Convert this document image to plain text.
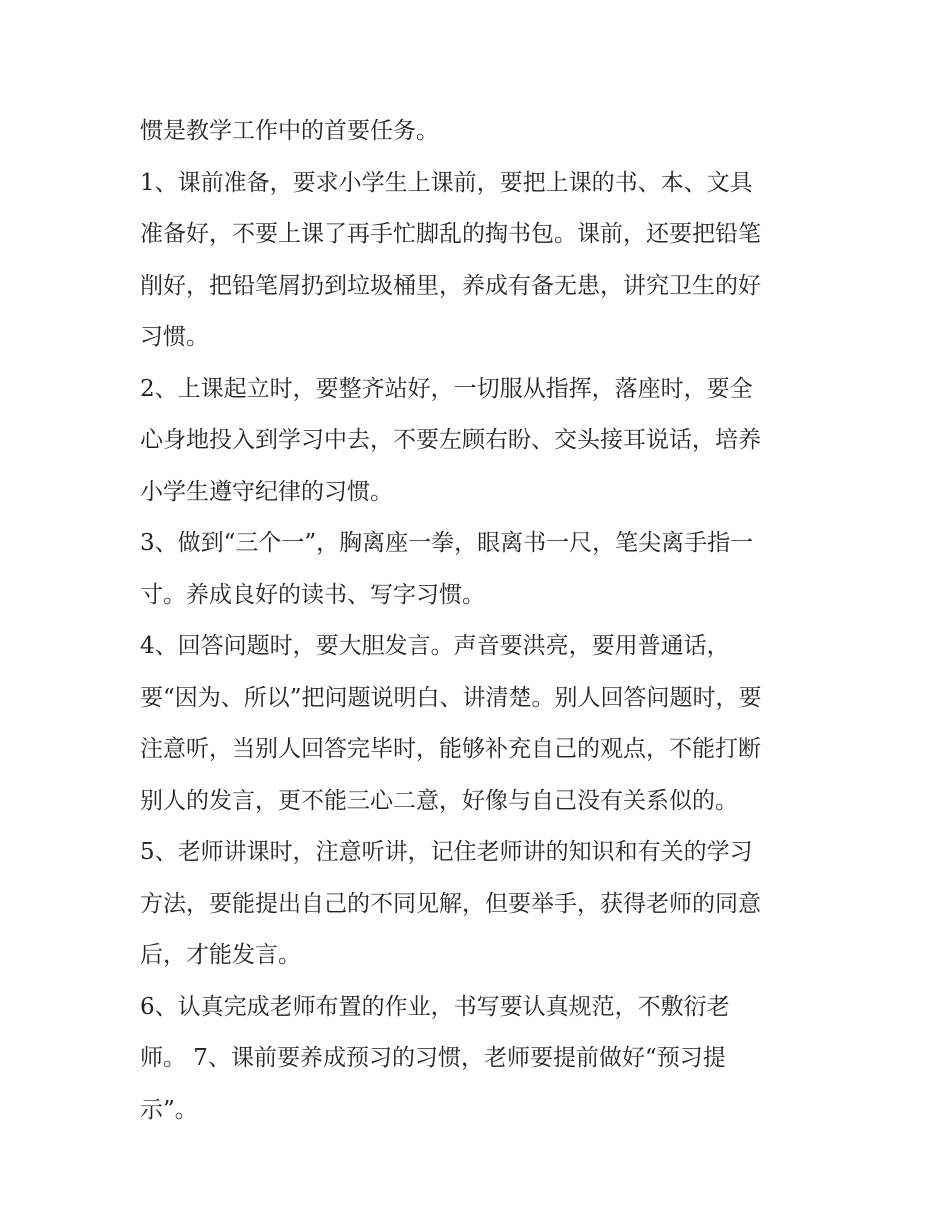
惯是教学工作中的首要任务。
1、课前准备，要求小学生上课前，要把上课的书、本、文具
准备好，不要上课了再手忙脚乱的掏书包。课前，还要把铅笔
削好，把铅笔屑扔到垃圾桶里，养成有备无患，讲究卫生的好
习惯。
2、上课起立时，要整齐站好，一切服从指挥，落座时，要全
心身地投入到学习中去，不要左顾右盼、交头接耳说话，培养
小学生遵守纪律的习惯。
3、做到“三个一”，胸离座一拳，眼离书一尺，笔尖离手指一
寸。养成良好的读书、写字习惯。
4、回答问题时，要大胆发言。声音要洪亮，要用普通话，
要“因为、所以”把问题说明白、讲清楚。别人回答问题时，要
注意听，当别人回答完毕时，能够补充自己的观点，不能打断
别人的发言，更不能三心二意，好像与自己没有关系似的。
5、老师讲课时，注意听讲，记住老师讲的知识和有关的学习
方法，要能提出自己的不同见解，但要举手，获得老师的同意
后，才能发言。
6、认真完成老师布置的作业，书写要认真规范，不敷衍老
师。 7、课前要养成预习的习惯，老师要提前做好“预习提
示”。
